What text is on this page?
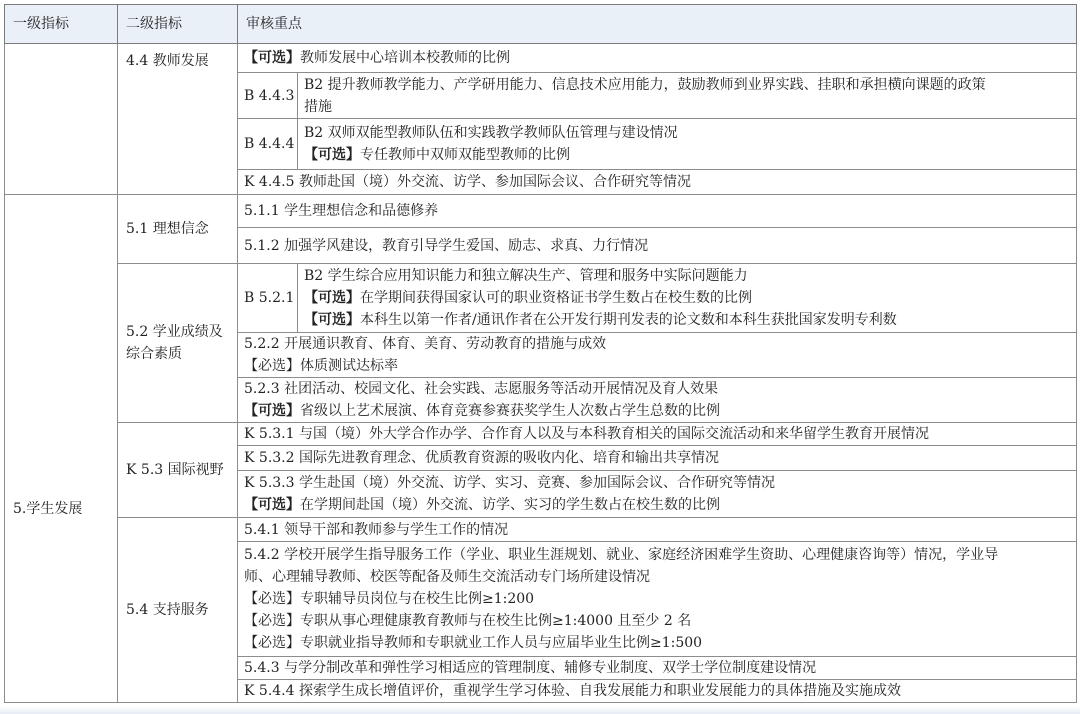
一级指标	二级指标	审核重点	
	4.4 教师发展	【可选】教师发展中心培训本校教师的比例	

		B 4.4.3	B2 提升教师教学能力、产学研用能力、信息技术应用能力，鼓励教师到业界实践、挂职和承担横向课题的政策
措施

		B 4.4.4	B2 双师双能型教师队伍和实践教学教师队伍管理与建设情况
【可选】专任教师中双师双能型教师的比例

		K 4.4.5 教师赴国（境）外交流、访学、参加国际会议、合作研究等情况	

5.学生发展	5.1 理想信念	5.1.1 学生理想信念和品德修养	

		5.1.2 加强学风建设，教育引导学生爱国、励志、求真、力行情况	

	5.2 学业成绩及
综合素质	B 5.2.1	B2 学生综合应用知识能力和独立解决生产、管理和服务中实际问题能力
【可选】在学期间获得国家认可的职业资格证书学生数占在校生数的比例
【可选】本科生以第一作者/通讯作者在公开发行期刊发表的论文数和本科生获批国家发明专利数

		5.2.2 开展通识教育、体育、美育、劳动教育的措施与成效
【必选】体质测试达标率	

		5.2.3 社团活动、校园文化、社会实践、志愿服务等活动开展情况及育人效果
【可选】省级以上艺术展演、体育竞赛参赛获奖学生人次数占学生总数的比例	

	K 5.3 国际视野	K 5.3.1 与国（境）外大学合作办学、合作育人以及与本科教育相关的国际交流活动和来华留学生教育开展情况	

		K 5.3.2 国际先进教育理念、优质教育资源的吸收内化、培育和输出共享情况	

		K 5.3.3 学生赴国（境）外交流、访学、实习、竞赛、参加国际会议、合作研究等情况
【可选】在学期间赴国（境）外交流、访学、实习的学生数占在校生数的比例	

	5.4 支持服务	5.4.1 领导干部和教师参与学生工作的情况	

		5.4.2 学校开展学生指导服务工作（学业、职业生涯规划、就业、家庭经济困难学生资助、心理健康咨询等）情况，学业导
师、心理辅导教师、校医等配备及师生交流活动专门场所建设情况
【必选】专职辅导员岗位与在校生比例≥1:200
【必选】专职从事心理健康教育教师与在校生比例≥1:4000 且至少 2 名
【必选】专职就业指导教师和专职就业工作人员与应届毕业生比例≥1:500	

		5.4.3 与学分制改革和弹性学习相适应的管理制度、辅修专业制度、双学士学位制度建设情况	

		K 5.4.4 探索学生成长增值评价，重视学生学习体验、自我发展能力和职业发展能力的具体措施及实施成效	
